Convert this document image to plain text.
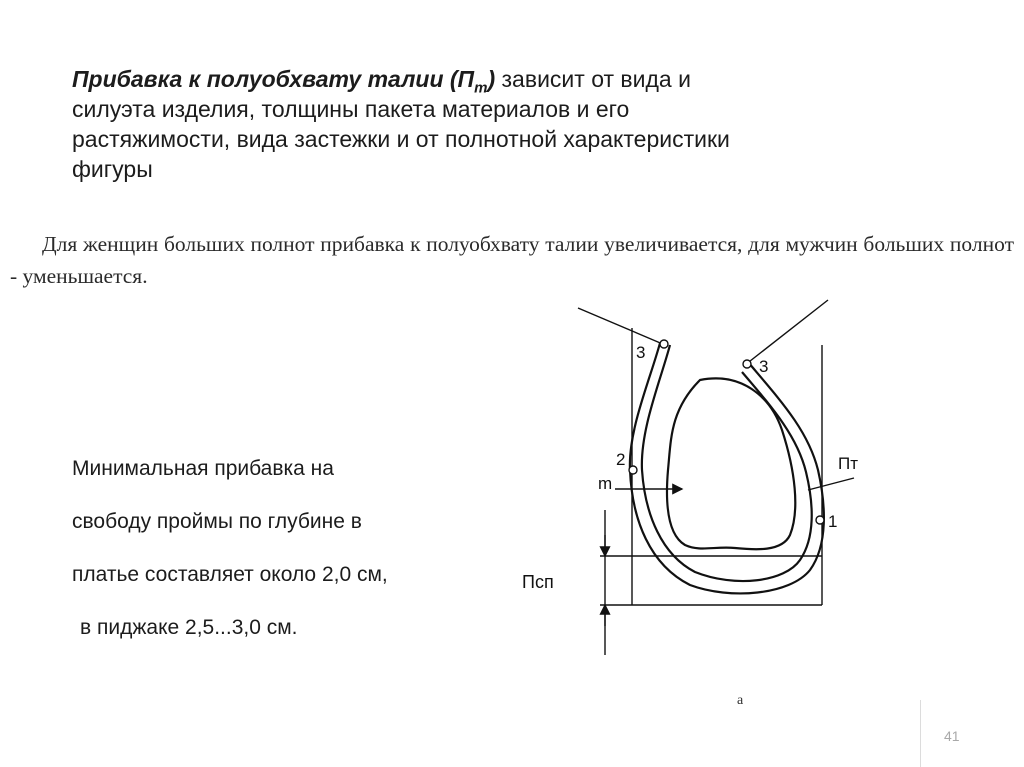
Прибавка к полуобхвату талии $(П_т)$ зависит от вида и силуэта изделия, толщины пакета материалов и его растяжимости, вида застежки и от полнотной характеристики фигуры
Для женщин больших полнот прибавка к полуобхвату талии увеличивается, для мужчин больших полнот - уменьшается.
Минимальная прибавка на
свободу проймы по глубине в
платье составляет около 2,0 см,
в пиджаке 2,5...3,0 см.
3
3
2
1
m
Пт
Псп
а
41
